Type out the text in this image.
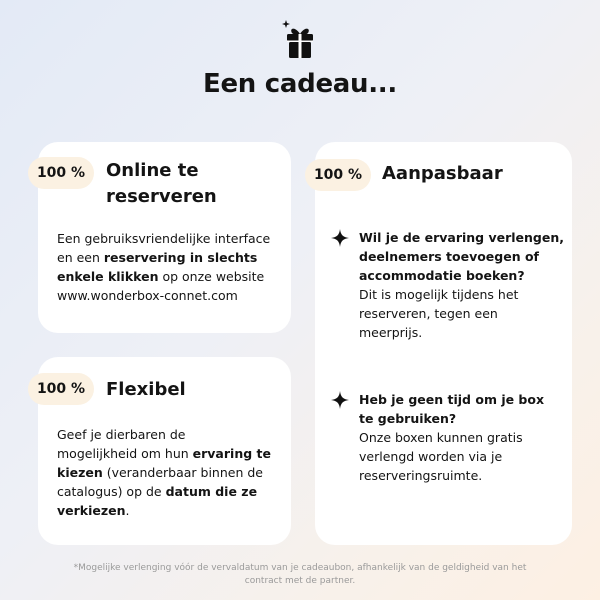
Een cadeau...
100 %	Online te
reserveren
Een gebruiksvriendelijke interface
en een reservering in slechts
enkele klikken op onze website
www.wonderbox-connet.com
100 %	Flexibel
Geef je dierbaren de
mogelijkheid om hun ervaring te
kiezen (veranderbaar binnen de
catalogus) op de datum die ze
verkiezen.
100 %	Aanpasbaar
Wil je de ervaring verlengen,
deelnemers toevoegen of
accommodatie boeken?
Dit is mogelijk tijdens het
reserveren, tegen een
meerprijs.
Heb je geen tijd om je box
te gebruiken?
Onze boxen kunnen gratis
verlengd worden via je
reserveringsruimte.
*Mogelijke verlenging vóór de vervaldatum van je cadeaubon, afhankelijk van de geldigheid van het
contract met de partner.
